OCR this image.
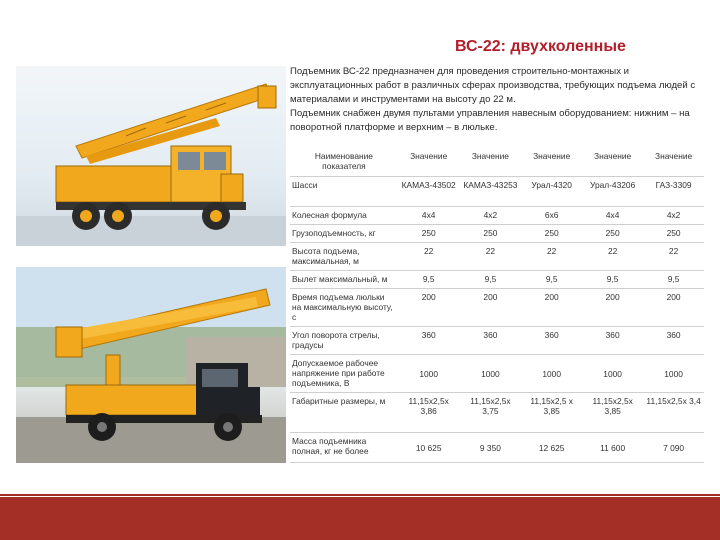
ВС-22: двухколенные

Подъемник ВС-22 предназначен для проведения строительно-монтажных и эксплуатационных работ в различных сферах производства, требующих подъема людей с материалами и инструментами на высоту до 22 м.

Подъемник снабжен двумя пультами управления навесным оборудованием: нижним – на поворотной платформе и верхним – в люльке.

Наименование показателя	Значение	Значение	Значение	Значение	Значение
Шасси	КАМАЗ-43502	КАМАЗ-43253	Урал-4320	Урал-43206	ГАЗ-3309
Колесная формула	4x4	4x2	6x6	4x4	4x2
Грузоподъемность, кг	250	250	250	250	250
Высота подъема, максимальная, м	22	22	22	22	22
Вылет максимальный, м	9,5	9,5	9,5	9,5	9,5
Время подъема люльки на максимальную высоту, с	200	200	200	200	200
Угол поворота стрелы, градусы	360	360	360	360	360
Допускаемое рабочее напряжение при работе подъемника, В	1000	1000	1000	1000	1000
Габаритные размеры, м	11,15x2,5x 3,86	11,15x2,5x 3,75	11,15x2,5 x 3,85	11,15x2,5x 3,85	11,15x2,5x 3,4
Масса подъемника полная, кг не более	10 625	9 350	12 625	11 600	7 090
